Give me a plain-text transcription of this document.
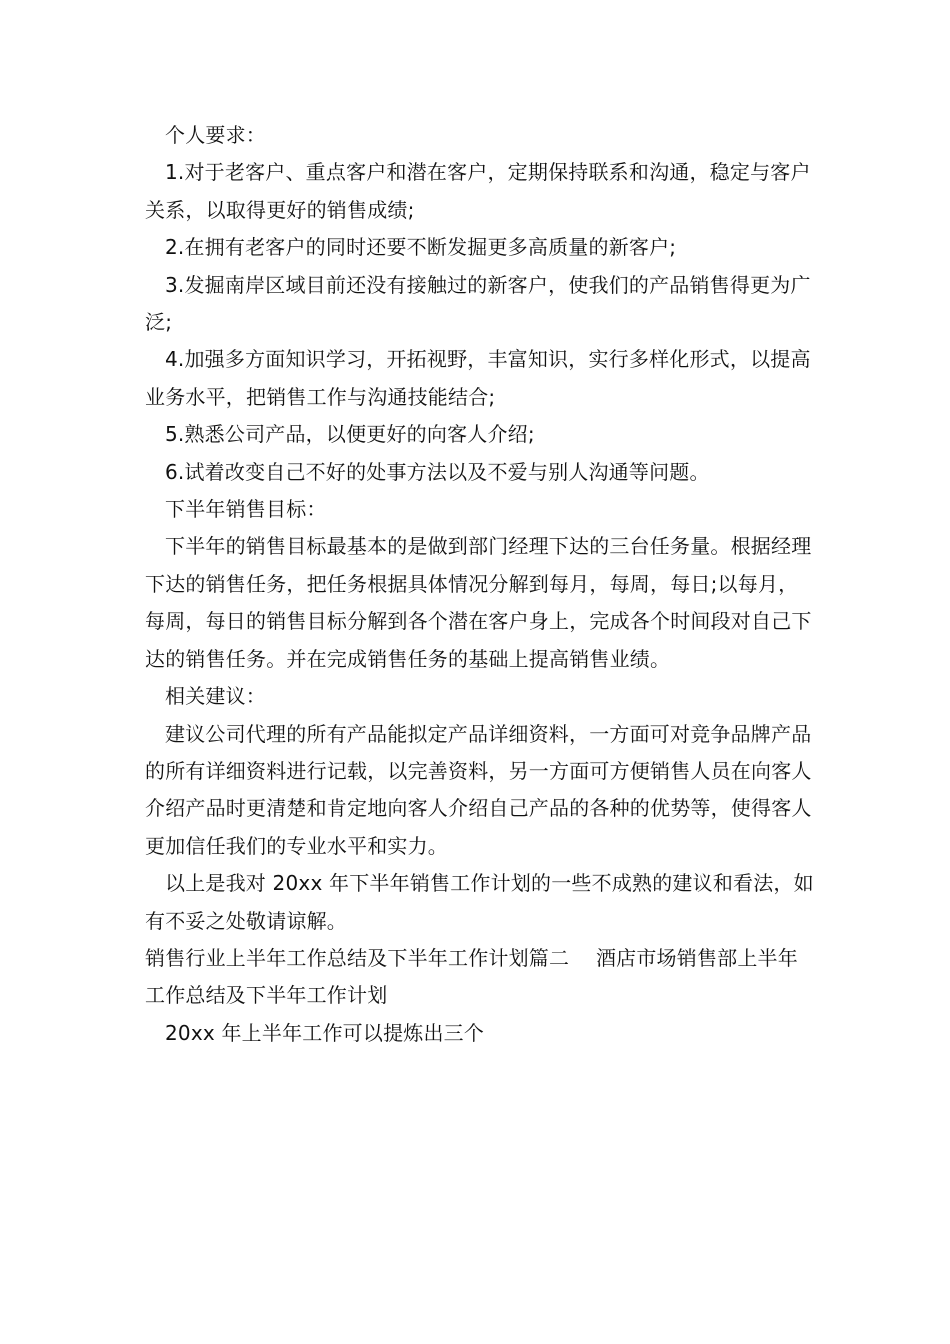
个人要求：

1.对于老客户、重点客户和潜在客户，定期保持联系和沟通，稳定与客户关系，以取得更好的销售成绩;

2.在拥有老客户的同时还要不断发掘更多高质量的新客户;

3.发掘南岸区域目前还没有接触过的新客户，使我们的产品销售得更为广泛;

4.加强多方面知识学习，开拓视野，丰富知识，实行多样化形式，以提高业务水平，把销售工作与沟通技能结合;

5.熟悉公司产品，以便更好的向客人介绍;

6.试着改变自己不好的处事方法以及不爱与别人沟通等问题。

下半年销售目标：

下半年的销售目标最基本的是做到部门经理下达的三台任务量。根据经理下达的销售任务，把任务根据具体情况分解到每月，每周，每日;以每月，每周，每日的销售目标分解到各个潜在客户身上，完成各个时间段对自己下达的销售任务。并在完成销售任务的基础上提高销售业绩。

相关建议：

建议公司代理的所有产品能拟定产品详细资料，一方面可对竞争品牌产品的所有详细资料进行记载，以完善资料，另一方面可方便销售人员在向客人介绍产品时更清楚和肯定地向客人介绍自己产品的各种的优势等，使得客人更加信任我们的专业水平和实力。

以上是我对 20xx 年下半年销售工作计划的一些不成熟的建议和看法，如有不妥之处敬请谅解。

销售行业上半年工作总结及下半年工作计划篇二　 酒店市场销售部上半年工作总结及下半年工作计划

20xx 年上半年工作可以提炼出三个
